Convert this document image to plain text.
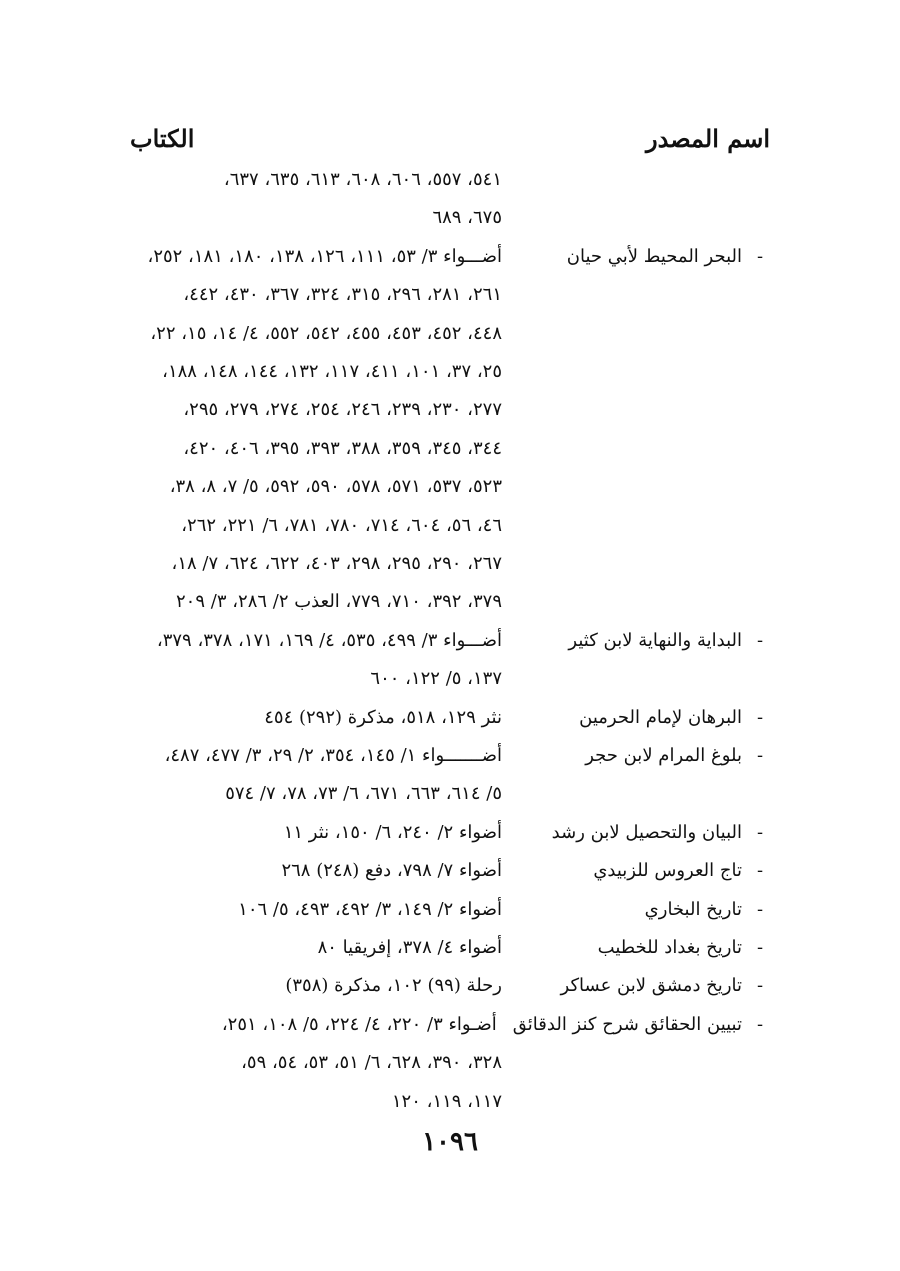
اسم المصدر
الكتاب
٥٤١، ٥٥٧، ٦٠٦، ٦٠٨، ٦١٣، ٦٣٥، ٦٣٧،
٦٧٥، ٦٨٩
-
البحر المحيط لأبي حيان
أضـــواء ٣/ ٥٣، ١١١، ١٢٦، ١٣٨، ١٨٠، ١٨١، ٢٥٢،
٢٦١، ٢٨١، ٢٩٦، ٣١٥، ٣٢٤، ٣٦٧، ٤٣٠، ٤٤٢،
٤٤٨، ٤٥٢، ٤٥٣، ٤٥٥، ٥٤٢، ٥٥٢، ٤/ ١٤، ١٥، ٢٢،
٢٥، ٣٧، ١٠١، ٤١١، ١١٧، ١٣٢، ١٤٤، ١٤٨، ١٨٨،
٢٧٧، ٢٣٠، ٢٣٩، ٢٤٦، ٢٥٤، ٢٧٤، ٢٧٩، ٢٩٥،
٣٤٤، ٣٤٥، ٣٥٩، ٣٨٨، ٣٩٣، ٣٩٥، ٤٠٦، ٤٢٠،
٥٢٣، ٥٣٧، ٥٧١، ٥٧٨، ٥٩٠، ٥٩٢، ٥/ ٧، ٨، ٣٨،
٤٦، ٥٦، ٦٠٤، ٧١٤، ٧٨٠، ٧٨١، ٦/ ٢٢١، ٢٦٢،
٢٦٧، ٢٩٠، ٢٩٥، ٢٩٨، ٤٠٣، ٦٢٢، ٦٢٤، ٧/ ١٨،
٣٧٩، ٣٩٢، ٧١٠، ٧٧٩، العذب ٢/ ٢٨٦، ٣/ ٢٠٩
-
البداية والنهاية لابن كثير
أضـــواء ٣/ ٤٩٩، ٥٣٥، ٤/ ١٦٩، ١٧١، ٣٧٨، ٣٧٩،
١٣٧، ٥/ ١٢٢، ٦٠٠
-
البرهان لإمام الحرمين
نثر ١٢٩، ٥١٨، مذكرة (٢٩٢) ٤٥٤
-
بلوغ المرام لابن حجر
أضـــــــواء ١/ ١٤٥، ٣٥٤، ٢/ ٢٩، ٣/ ٤٧٧، ٤٨٧،
٥/ ٦١٤، ٦٦٣، ٦٧١، ٦/ ٧٣، ٧٨، ٧/ ٥٧٤
-
البيان والتحصيل لابن رشد
أضواء ٢/ ٢٤٠، ٦/ ١٥٠، نثر ١١
-
تاج العروس للزبيدي
أضواء ٧/ ٧٩٨، دفع (٢٤٨) ٢٦٨
-
تاريخ البخاري
أضواء ٢/ ١٤٩، ٣/ ٤٩٢، ٤٩٣، ٥/ ١٠٦
-
تاريخ بغداد للخطيب
أضواء ٤/ ٣٧٨، إفريقيا ٨٠
-
تاريخ دمشق لابن عساكر
رحلة (٩٩) ١٠٢، مذكرة (٣٥٨)
-
تبيين الحقائق شرح كنز الدقائق
أضـواء ٣/ ٢٢٠، ٤/ ٢٢٤، ٥/ ١٠٨، ٢٥١،
٣٢٨، ٣٩٠، ٦٢٨، ٦/ ٥١، ٥٣، ٥٤، ٥٩،
١١٧، ١١٩، ١٢٠
١٠٩٦
